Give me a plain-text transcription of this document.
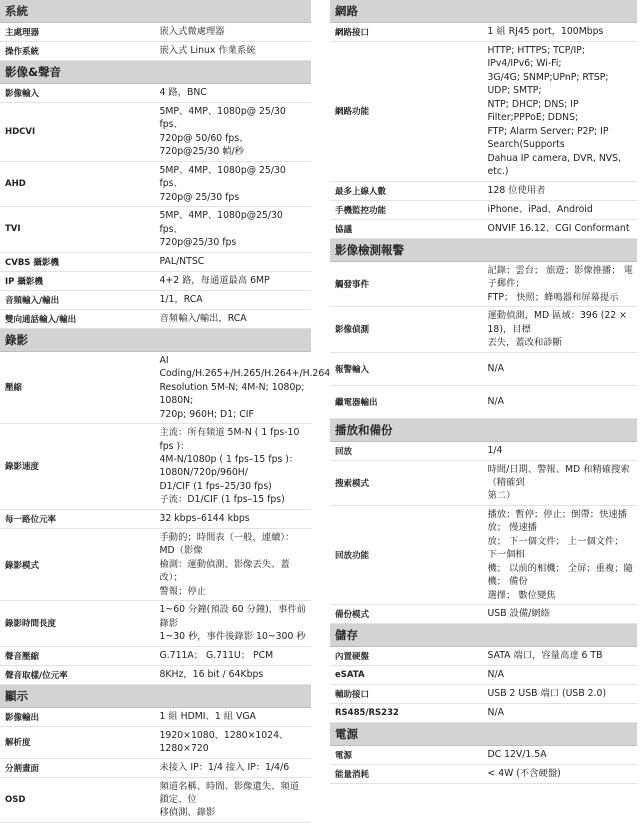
系統	
主處理器	嵌入式微處理器
操作系統	嵌入式 Linux 作業系統
影像&聲音	
影像輸入	4 路，BNC
HDCVI	5MP、4MP、1080p@ 25/30 fps、
720p@ 50/60 fps、720p@25/30 幀/秒
AHD	5MP、4MP、1080p@ 25/30 fps、
720p@ 25/30 fps
TVI	5MP、4MP、1080p@25/30 fps、
720p@25/30 fps
CVBS 攝影機	PAL/NTSC
IP 攝影機	4+2 路，每通道最高 6MP
音頻輸入/輸出	1/1，RCA
雙向通話輸入/輸出	音頻輸入/輸出，RCA
錄影	
壓縮	AI Coding/H.265+/H.265/H.264+/H.264
Resolution 5M-N; 4M-N; 1080p; 1080N;
720p; 960H; D1; CIF
錄影速度	主流：所有頻道 5M-N ( 1 fps-10 fps )：
4M-N/1080p ( 1 fps–15 fps )：
1080N/720p/960H/
D1/CIF (1 fps–25/30 fps)
子流：D1/CIF (1 fps–15 fps)
每一路位元率	32 kbps–6144 kbps
錄影模式	手動的；時間表（一般，連續）： MD（影像
檢測：運動偵測、影像丟失、蓋改）；
警報；停止
錄影時間長度	1~60 分鐘(預設 60 分鐘)，事件前錄影
1~30 秒，事件後錄影 10~300 秒
聲音壓縮	G.711A； G.711U； PCM
聲音取樣/位元率	8KHz，16 bit / 64Kbps
顯示	
影像輸出	1 組 HDMI、1 組 VGA
解析度	1920×1080、1280×1024、1280×720
分割畫面	未接入 IP：1/4 接入 IP：1/4/6
OSD	頻道名稱、時間、影像遺失、頻道鎖定、位
移偵測、錄影
網路	
網路接口	1 組 RJ45 port，100Mbps
網路功能	HTTP; HTTPS; TCP/IP; IPv4/IPv6; Wi-Fi;
3G/4G; SNMP;UPnP; RTSP; UDP; SMTP;
NTP; DHCP; DNS; IP Filter;PPPoE; DDNS;
FTP; Alarm Server; P2P; IP Search(Supports
Dahua IP camera, DVR, NVS, etc.)
最多上線人數	128 位使用者
手機監控功能	iPhone、iPad、Android
協議	ONVIF 16.12、CGI Conformant
影像檢測報警	
觸發事件	記錄；雲台； 旅遊；影像推播； 電子郵件；
FTP； 快照；蜂鳴器和屏幕提示
影像偵測	運動偵測，MD 區域：396 (22 × 18)，目標
丟失，蓋改和診斷
報警輸入	N/A
繼電器輸出	N/A
播放和備份	
回放	1/4
搜索模式	時間/日期、警報、MD 和精確搜索（精確到
第二）
回放功能	播放；暫停；停止；倒帶；快速播放； 慢速播
放； 下一個文件； 上一個文件； 下一個相
機； 以前的相機； 全屏；重複；隨機； 備份
選擇； 數位變焦
備份模式	USB 設備/網絡
儲存	
內置硬盤	SATA 端口，容量高達 6 TB
eSATA	N/A
輔助接口	USB 2 USB 端口 (USB 2.0)
RS485/RS232	N/A
電源	
電源	DC 12V/1.5A
能量消耗	< 4W (不含硬盤)
